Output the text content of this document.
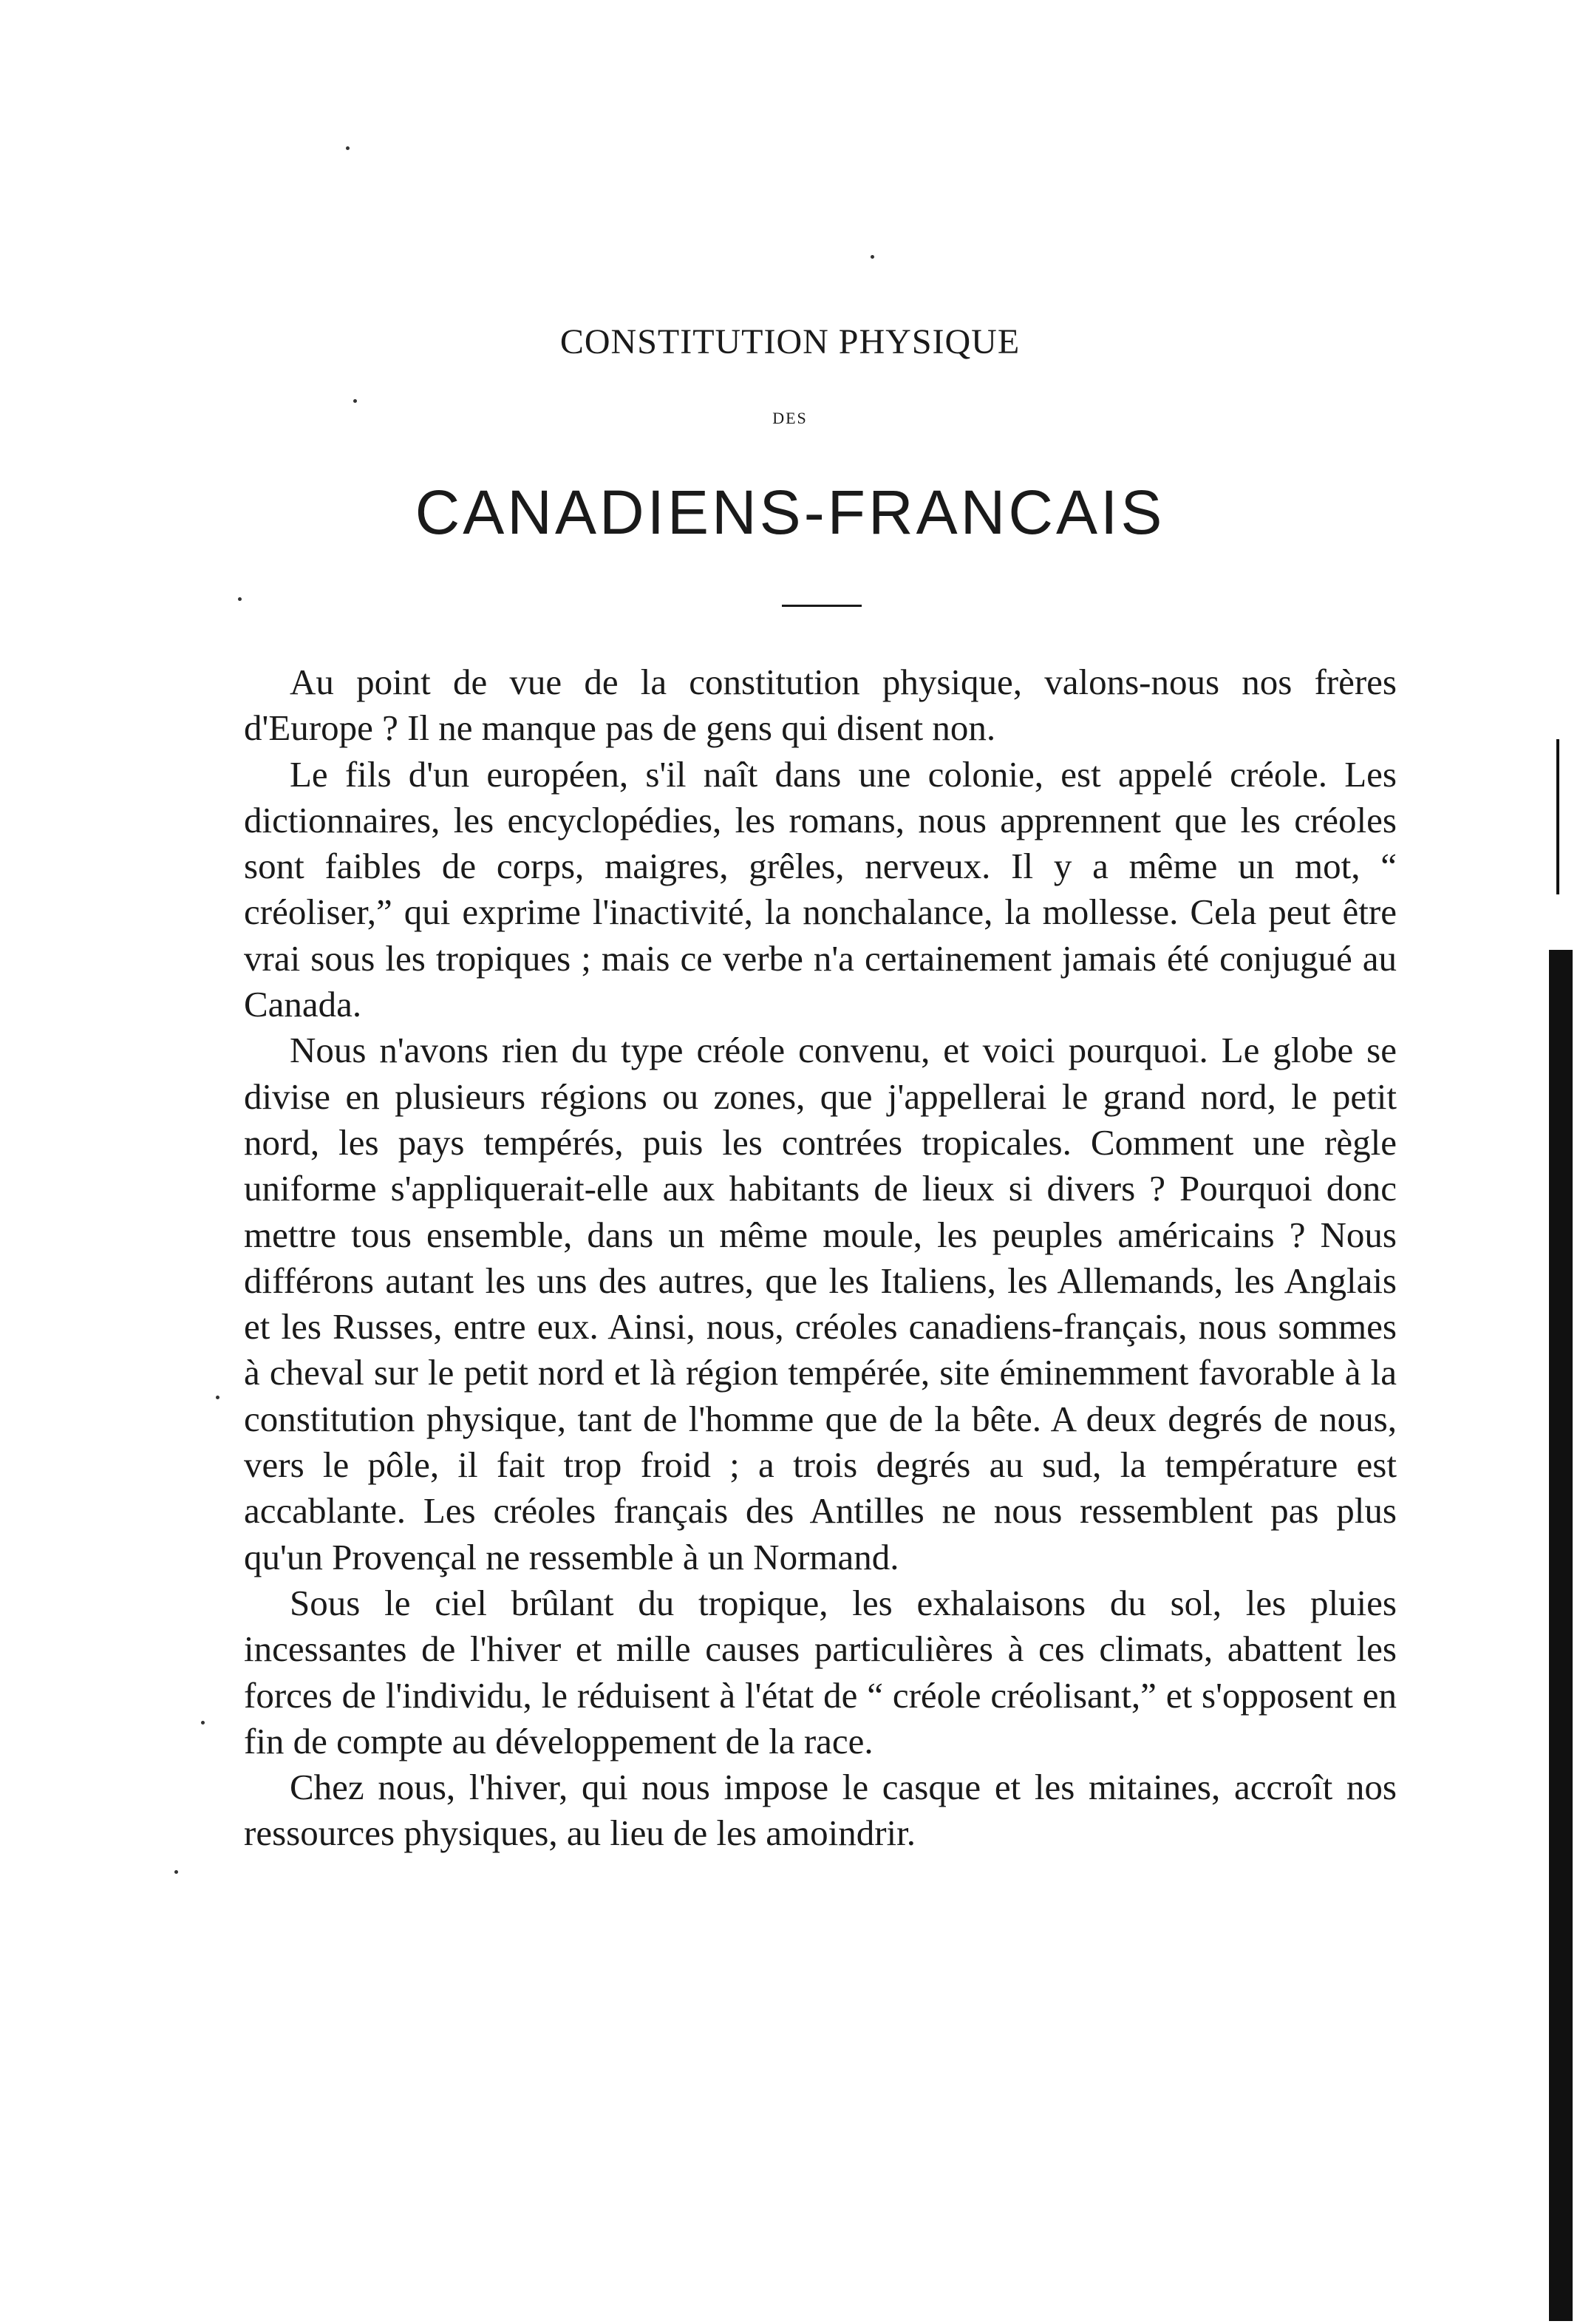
CONSTITUTION PHYSIQUE
DES
CANADIENS-FRANCAIS

Au point de vue de la constitution physique, valons-nous nos frères d'Europe ? Il ne manque pas de gens qui disent non.

Le fils d'un européen, s'il naît dans une colonie, est appelé créole. Les dictionnaires, les encyclopédies, les romans, nous apprennent que les créoles sont faibles de corps, maigres, grêles, nerveux. Il y a même un mot, “ créoliser,” qui exprime l'inactivité, la nonchalance, la mollesse. Cela peut être vrai sous les tropiques ; mais ce verbe n'a certainement jamais été conjugué au Canada.

Nous n'avons rien du type créole convenu, et voici pourquoi. Le globe se divise en plusieurs régions ou zones, que j'appellerai le grand nord, le petit nord, les pays tempérés, puis les contrées tropicales. Comment une règle uniforme s'appliquerait-elle aux habitants de lieux si divers ? Pourquoi donc mettre tous ensemble, dans un même moule, les peuples américains ? Nous différons autant les uns des autres, que les Italiens, les Allemands, les Anglais et les Russes, entre eux. Ainsi, nous, créoles canadiens-français, nous sommes à cheval sur le petit nord et là région tempérée, site éminemment favorable à la constitution physique, tant de l'homme que de la bête. A deux degrés de nous, vers le pôle, il fait trop froid ; a trois degrés au sud, la température est accablante. Les créoles français des Antilles ne nous ressemblent pas plus qu'un Provençal ne ressemble à un Normand.

Sous le ciel brûlant du tropique, les exhalaisons du sol, les pluies incessantes de l'hiver et mille causes particulières à ces climats, abattent les forces de l'individu, le réduisent à l'état de “ créole créolisant,” et s'opposent en fin de compte au développement de la race.

Chez nous, l'hiver, qui nous impose le casque et les mitaines, accroît nos ressources physiques, au lieu de les amoindrir.
